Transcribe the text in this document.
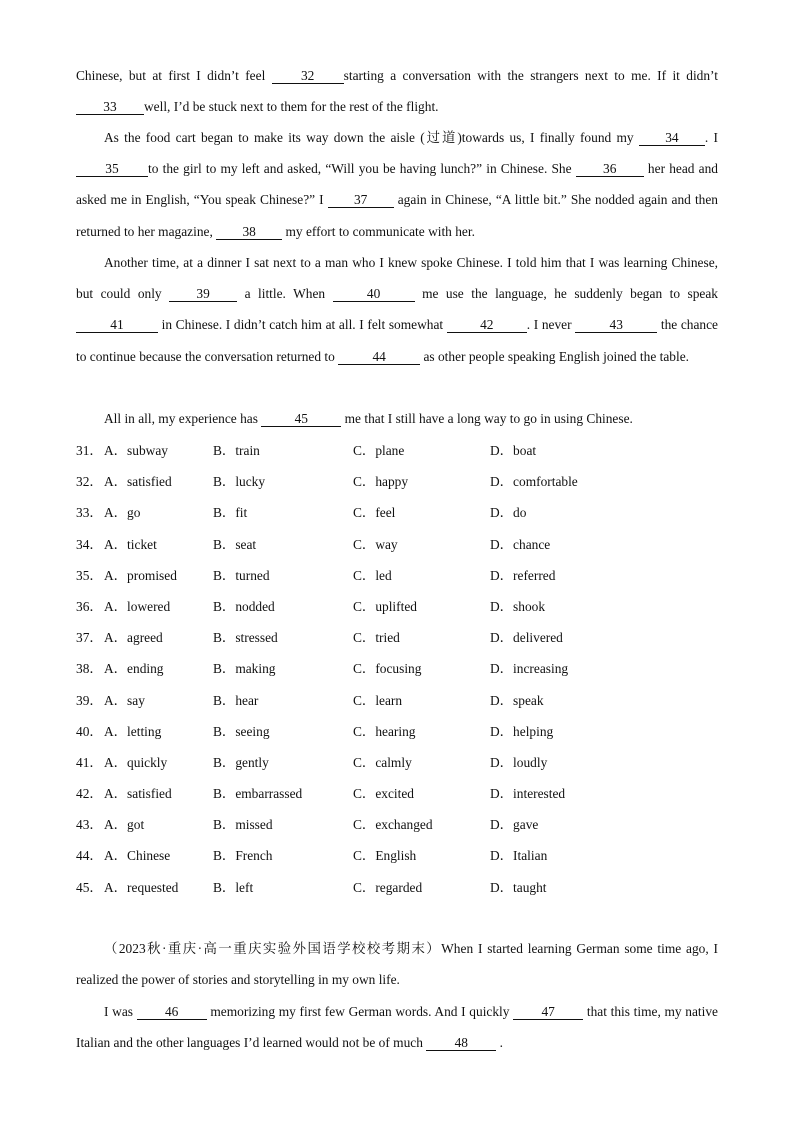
Chinese, but at first I didn’t feel 32 starting a conversation with the strangers next to me. If it didn’t 33 well, I’d be stuck next to them for the rest of the flight.

As the food cart began to make its way down the aisle (过道)towards us, I finally found my 34 . I 35 to the girl to my left and asked, “Will you be having lunch?” in Chinese. She 36 her head and asked me in English, “You speak Chinese?” I 37 again in Chinese, “A little bit.” She nodded again and then returned to her magazine, 38 my effort to communicate with her.

Another time, at a dinner I sat next to a man who I knew spoke Chinese. I told him that I was learning Chinese, but could only 39 a little. When	40	me use the language, he suddenly began to speak 41	in Chinese. I didn’t catch him at all. I felt somewhat 42 . I never	43	the chance to continue because the conversation returned to	44	as other people speaking English joined the table.

All in all, my experience has 45 me that I still have a long way to go in using Chinese.

31． A．subway	B．train	C．plane	D．boat
32． A．satisfied	B．lucky	C．happy	D．comfortable
33． A．go	B．fit	C．feel	D．do
34． A．ticket	B．seat	C．way	D．chance
35． A．promised	B．turned	C．led	D．referred
36． A．lowered	B．nodded	C．uplifted	D．shook
37． A．agreed	B．stressed	C．tried	D．delivered
38． A．ending	B．making	C．focusing	D．increasing
39． A．say	B．hear	C．learn	D．speak
40． A．letting	B．seeing	C．hearing	D．helping
41． A．quickly	B．gently	C．calmly	D．loudly
42． A．satisfied	B．embarrassed	C．excited	D．interested
43． A．got	B．missed	C．exchanged	D．gave
44． A．Chinese	B．French	C．English	D．Italian
45． A．requested	B．left	C．regarded	D．taught

（2023秋·重庆·高一重庆实验外国语学校校考期末）When I started learning German some time ago, I realized the power of stories and storytelling in my own life.

I was 46 memorizing my first few German words. And I quickly 47 that this time, my native Italian and the other languages I’d learned would not be of much 48 .
